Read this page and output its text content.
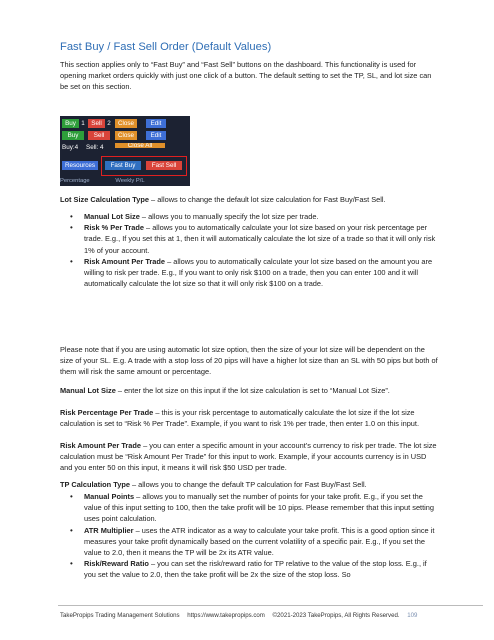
Fast Buy / Fast Sell Order (Default Values)
This section applies only to “Fast Buy” and “Fast Sell” buttons on the dashboard. This functionality is used for opening market orders quickly with just one click of a button. The default setting to set the TP, SL, and lot size can be set on this section.
Buy 1	Sell 2	Close	Edit
Buy	Sell	Close	Edit
Buy:4	Sell: 4	Close All
Resources	Fast Buy	Fast Sell
Percentage	Weekly P/L
Lot Size Calculation Type – allows to change the default lot size calculation for Fast Buy/Fast Sell.
• Manual Lot Size – allows you to manually specify the lot size per trade.
• Risk % Per Trade – allows you to automatically calculate your lot size based on your risk percentage per trade. E.g., If you set this at 1, then it will automatically calculate the lot size of a trade so that it will only risk 1% of your account.
• Risk Amount Per Trade – allows you to automatically calculate your lot size based on the amount you are willing to risk per trade. E.g., If you want to only risk $100 on a trade, then you can enter 100 and it will automatically calculate the lot size so that it will only risk $100 on a trade.
Please note that if you are using automatic lot size option, then the size of your lot size will be dependent on the size of your SL. E.g. A trade with a stop loss of 20 pips will have a higher lot size than an SL with 50 pips but both of them will risk the same amount or percentage.
Manual Lot Size – enter the lot size on this input if the lot size calculation is set to “Manual Lot Size”.
Risk Percentage Per Trade – this is your risk percentage to automatically calculate the lot size if the lot size calculation is set to “Risk % Per Trade”. Example, if you want to risk 1% per trade, then enter 1.0 on this input.
Risk Amount Per Trade – you can enter a specific amount in your account’s currency to risk per trade. The lot size calculation must be “Risk Amount Per Trade” for this input to work. Example, if your accounts currency is in USD and you enter 50 on this input, it means it will risk $50 USD per trade.
TP Calculation Type – allows you to change the default TP calculation for Fast Buy/Fast Sell.
• Manual Points – allows you to manually set the number of points for your take profit. E.g., if you set the value of this input setting to 100, then the take profit will be 10 pips. Please remember that this input setting uses point calculation.
• ATR Multiplier – uses the ATR indicator as a way to calculate your take profit. This is a good option since it measures your take profit dynamically based on the current volatility of a specific pair. E.g., If you set the value to 2.0, then it means the TP will be 2x its ATR value.
• Risk/Reward Ratio – you can set the risk/reward ratio for TP relative to the value of the stop loss. E.g., if you set the value to 2.0, then the take profit will be 2x the size of the stop loss. So
TakePropips Trading Management Solutions https://www.takepropips.com ©2021-2023 TakePropips, All Rights Reserved. 109
